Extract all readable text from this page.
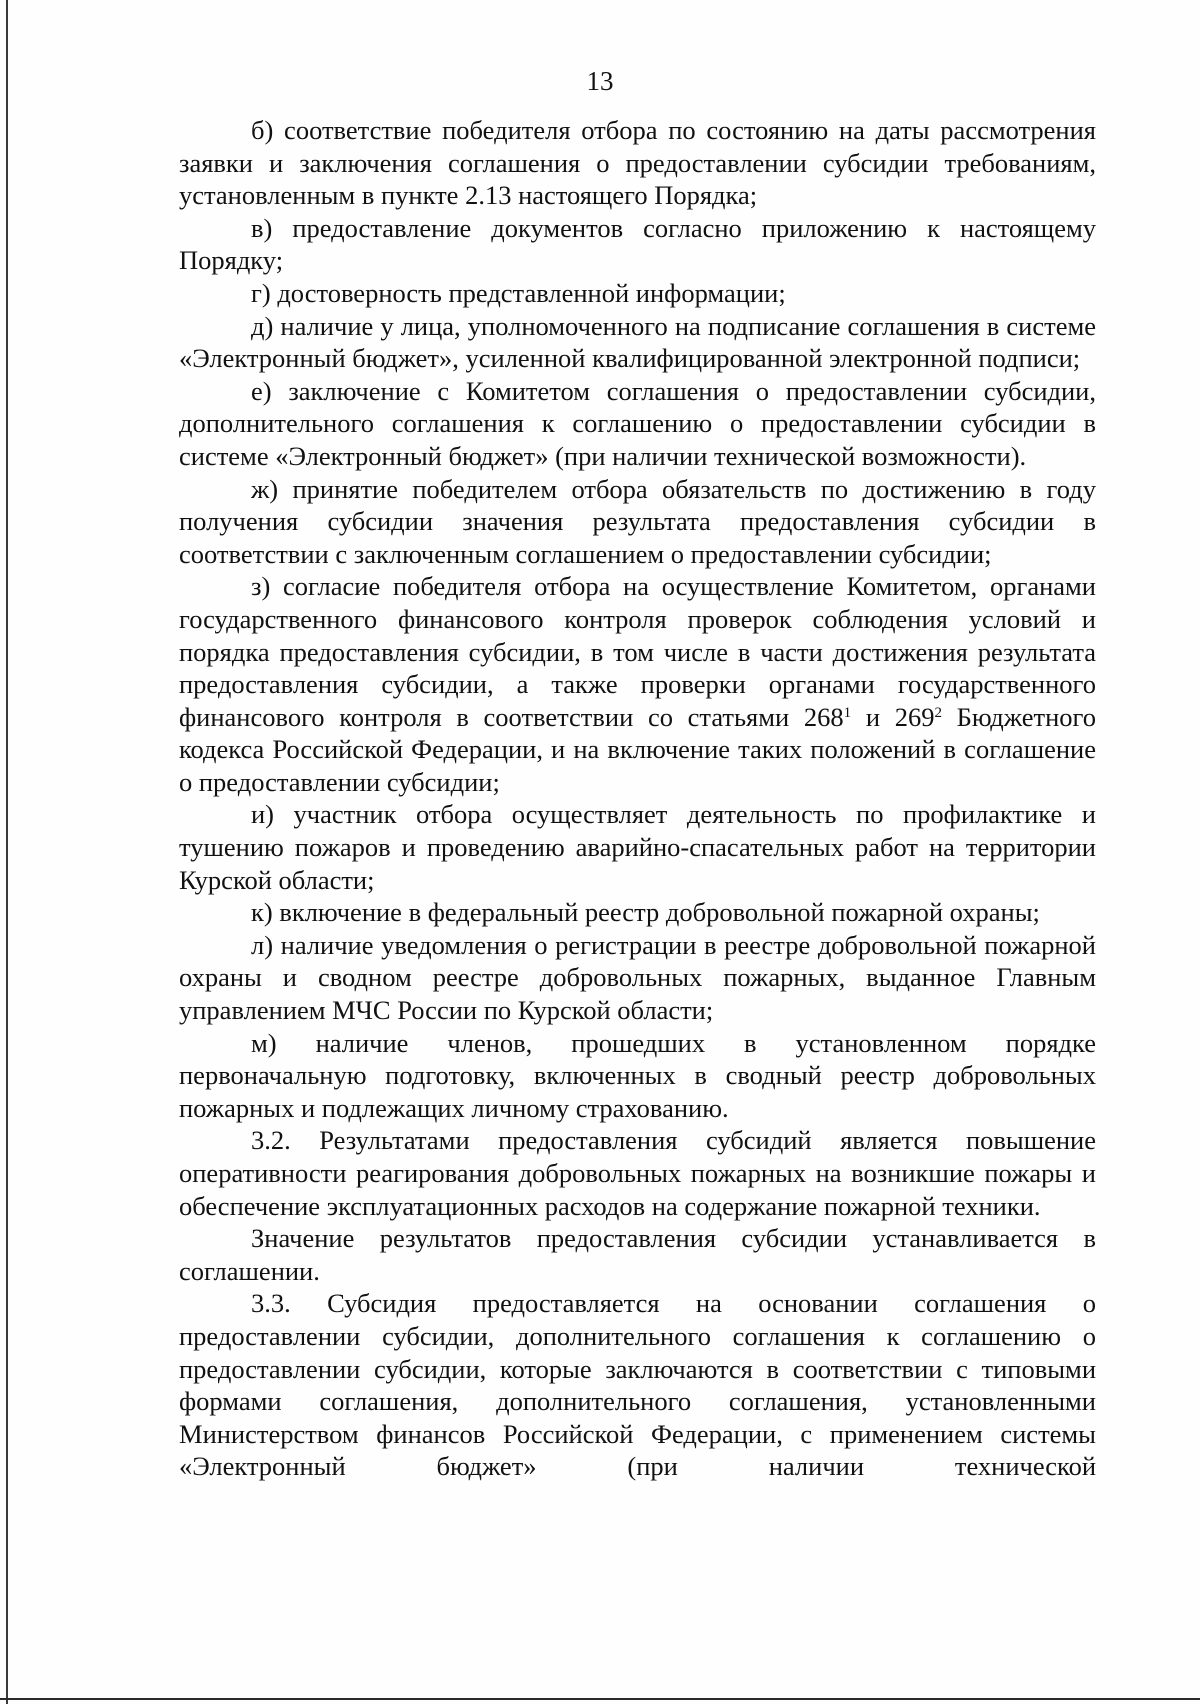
13

б) соответствие победителя отбора по состоянию на даты рассмотрения заявки и заключения соглашения о предоставлении субсидии требованиям, установленным в пункте 2.13 настоящего Порядка;

в) предоставление документов согласно приложению к настоящему Порядку;

г) достоверность представленной информации;

д) наличие у лица, уполномоченного на подписание соглашения в системе «Электронный бюджет», усиленной квалифицированной электронной подписи;

е) заключение с Комитетом соглашения о предоставлении субсидии, дополнительного соглашения к соглашению о предоставлении субсидии в системе «Электронный бюджет» (при наличии технической возможности).

ж) принятие победителем отбора обязательств по достижению в году получения субсидии значения результата предоставления субсидии в соответствии с заключенным соглашением о предоставлении субсидии;

з) согласие победителя отбора на осуществление Комитетом, органами государственного финансового контроля проверок соблюдения условий и порядка предоставления субсидии, в том числе в части достижения результата предоставления субсидии, а также проверки органами государственного финансового контроля в соответствии со статьями $268^1$ и $269^2$ Бюджетного кодекса Российской Федерации, и на включение таких положений в соглашение о предоставлении субсидии;

и) участник отбора осуществляет деятельность по профилактике и тушению пожаров и проведению аварийно-спасательных работ на территории Курской области;

к) включение в федеральный реестр добровольной пожарной охраны;

л) наличие уведомления о регистрации в реестре добровольной пожарной охраны и сводном реестре добровольных пожарных, выданное Главным управлением МЧС России по Курской области;

м) наличие членов, прошедших в установленном порядке первоначальную подготовку, включенных в сводный реестр добровольных пожарных и подлежащих личному страхованию.

3.2. Результатами предоставления субсидий является повышение оперативности реагирования добровольных пожарных на возникшие пожары и обеспечение эксплуатационных расходов на содержание пожарной техники.

Значение результатов предоставления субсидии устанавливается в соглашении.

3.3. Субсидия предоставляется на основании соглашения о предоставлении субсидии, дополнительного соглашения к соглашению о предоставлении субсидии, которые заключаются в соответствии с типовыми формами соглашения, дополнительного соглашения, установленными Министерством финансов Российской Федерации, с применением системы «Электронный бюджет» (при наличии технической
